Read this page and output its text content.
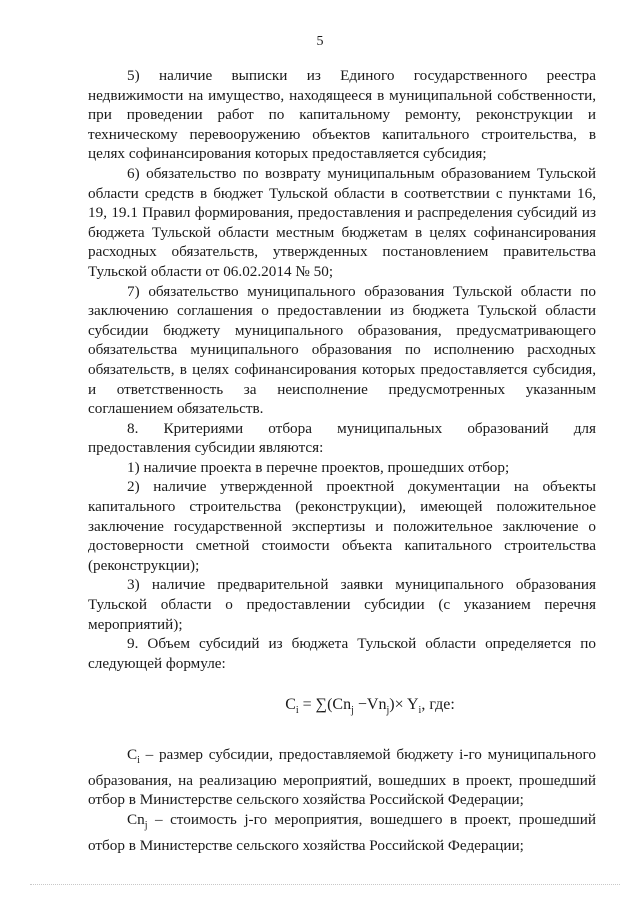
5

5) наличие выписки из Единого государственного реестра недвижимости на имущество, находящееся в муниципальной собственности, при проведении работ по капитальному ремонту, реконструкции и техническому перевооружению объектов капитального строительства, в целях софинансирования которых предоставляется субсидия;

6) обязательство по возврату муниципальным образованием Тульской области средств в бюджет Тульской области в соответствии с пунктами 16, 19, 19.1 Правил формирования, предоставления и распределения субсидий из бюджета Тульской области местным бюджетам в целях софинансирования расходных обязательств, утвержденных постановлением правительства Тульской области от 06.02.2014 № 50;

7) обязательство муниципального образования Тульской области по заключению соглашения о предоставлении из бюджета Тульской области субсидии бюджету муниципального образования, предусматривающего обязательства муниципального образования по исполнению расходных обязательств, в целях софинансирования которых предоставляется субсидия, и ответственность за неисполнение предусмотренных указанным соглашением обязательств.

8. Критериями отбора муниципальных образований для предоставления субсидии являются:

1) наличие проекта в перечне проектов, прошедших отбор;

2) наличие утвержденной проектной документации на объекты капитального строительства (реконструкции), имеющей положительное заключение государственной экспертизы и положительное заключение о достоверности сметной стоимости объекта капитального строительства (реконструкции);

3) наличие предварительной заявки муниципального образования Тульской области о предоставлении субсидии (с указанием перечня мероприятий);

9. Объем субсидий из бюджета Тульской области определяется по следующей формуле:

$C_i = \sum(Cn_j -Vn_j)\times Y_i$, где:

$C_i$ – размер субсидии, предоставляемой бюджету i-го муниципального образования, на реализацию мероприятий, вошедших в проект, прошедший отбор в Министерстве сельского хозяйства Российской Федерации;

$Cn_j$ – стоимость j-го мероприятия, вошедшего в проект, прошедший отбор в Министерстве сельского хозяйства Российской Федерации;
